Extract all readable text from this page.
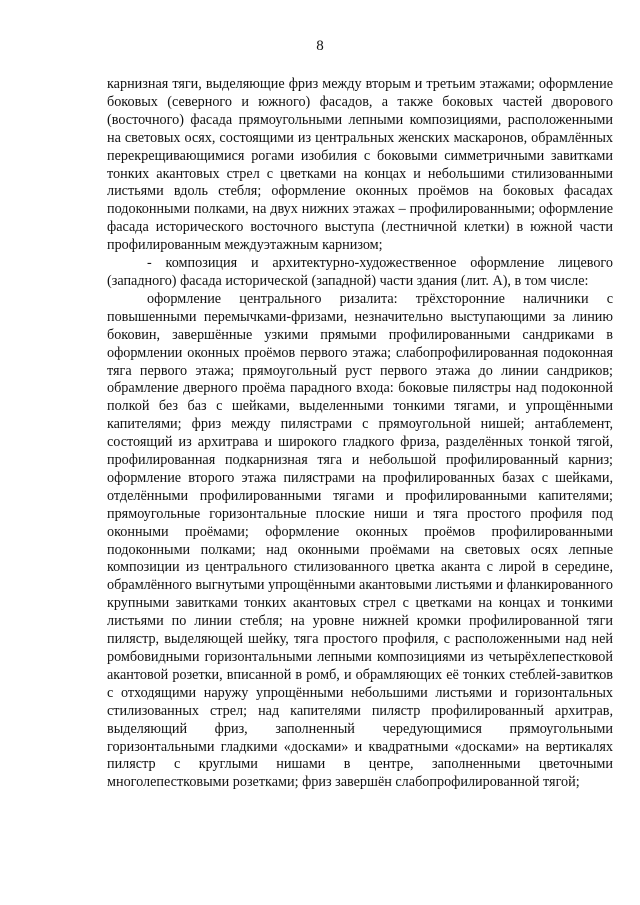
8

карнизная тяги, выделяющие фриз между вторым и третьим этажами; оформление боковых (северного и южного) фасадов, а также боковых частей дворового (восточного) фасада прямоугольными лепными композициями, расположенными на световых осях, состоящими из центральных женских маскаронов, обрамлённых перекрещивающимися рогами изобилия с боковыми симметричными завитками тонких акантовых стрел с цветками на концах и небольшими стилизованными листьями вдоль стебля; оформление оконных проёмов на боковых фасадах подоконными полками, на двух нижних этажах – профилированными; оформление фасада исторического восточного выступа (лестничной клетки) в южной части профилированным междуэтажным карнизом;

- композиция и архитектурно-художественное оформление лицевого (западного) фасада исторической (западной) части здания (лит. А), в том числе:

оформление центрального ризалита: трёхсторонние наличники с повышенными перемычками-фризами, незначительно выступающими за линию боковин, завершённые узкими прямыми профилированными сандриками в оформлении оконных проёмов первого этажа; слабопрофилированная подоконная тяга первого этажа; прямоугольный руст первого этажа до линии сандриков; обрамление дверного проёма парадного входа: боковые пилястры над подоконной полкой без баз с шейками, выделенными тонкими тягами, и упрощёнными капителями; фриз между пилястрами с прямоугольной нишей; антаблемент, состоящий из архитрава и широкого гладкого фриза, разделённых тонкой тягой, профилированная подкарнизная тяга и небольшой профилированный карниз; оформление второго этажа пилястрами на профилированных базах с шейками, отделёнными профилированными тягами и профилированными капителями; прямоугольные горизонтальные плоские ниши и тяга простого профиля под оконными проёмами; оформление оконных проёмов профилированными подоконными полками; над оконными проёмами на световых осях лепные композиции из центрального стилизованного цветка аканта с лирой в середине, обрамлённого выгнутыми упрощёнными акантовыми листьями и фланкированного крупными завитками тонких акантовых стрел с цветками на концах и тонкими листьями по линии стебля; на уровне нижней кромки профилированной тяги пилястр, выделяющей шейку, тяга простого профиля, с расположенными над ней ромбовидными горизонтальными лепными композициями из четырёхлепестковой акантовой розетки, вписанной в ромб, и обрамляющих её тонких стеблей-завитков с отходящими наружу упрощёнными небольшими листьями и горизонтальных стилизованных стрел; над капителями пилястр профилированный архитрав, выделяющий фриз, заполненный чередующимися прямоугольными горизонтальными гладкими «досками» и квадратными «досками» на вертикалях пилястр с круглыми нишами в центре, заполненными цветочными многолепестковыми розетками; фриз завершён слабопрофилированной тягой;
